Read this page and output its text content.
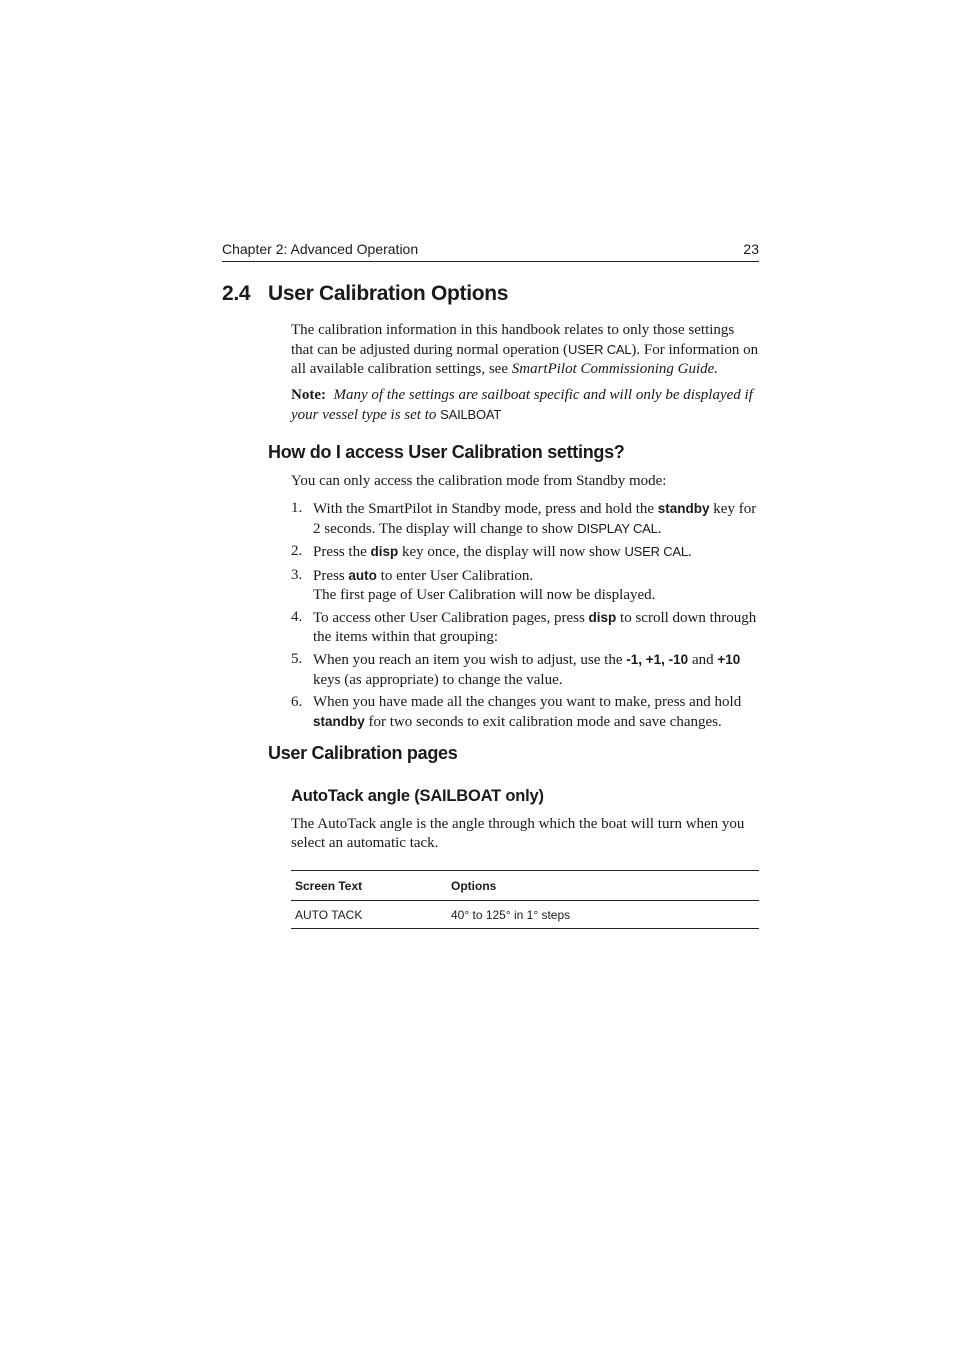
Chapter 2: Advanced Operation	23
2.4 User Calibration Options
The calibration information in this handbook relates to only those settings that can be adjusted during normal operation (USER CAL). For information on all available calibration settings, see SmartPilot Commissioning Guide.
Note: Many of the settings are sailboat specific and will only be displayed if your vessel type is set to SAILBOAT
How do I access User Calibration settings?
You can only access the calibration mode from Standby mode:
1. With the SmartPilot in Standby mode, press and hold the standby key for 2 seconds. The display will change to show DISPLAY CAL.
2. Press the disp key once, the display will now show USER CAL.
3. Press auto to enter User Calibration.
The first page of User Calibration will now be displayed.
4. To access other User Calibration pages, press disp to scroll down through the items within that grouping:
5. When you reach an item you wish to adjust, use the -1, +1, -10 and +10 keys (as appropriate) to change the value.
6. When you have made all the changes you want to make, press and hold standby for two seconds to exit calibration mode and save changes.
User Calibration pages
AutoTack angle (SAILBOAT only)
The AutoTack angle is the angle through which the boat will turn when you select an automatic tack.
Screen Text	Options
AUTO TACK	40° to 125° in 1° steps
